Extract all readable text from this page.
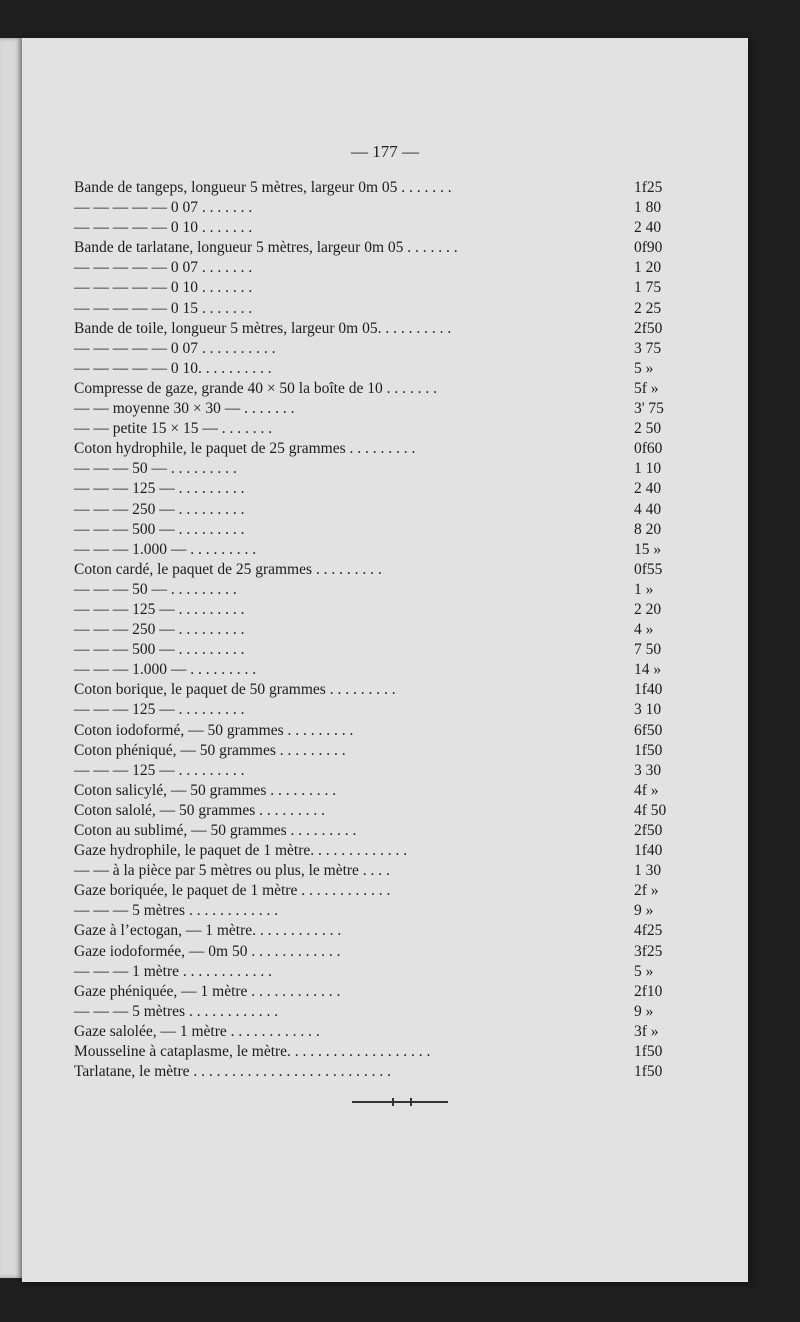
— 177 —
Bande de tangeps, longueur 5 mètres, largeur 0m 05 . . . . . . .	1f25
— — — — — 0 07 . . . . . . .	1 80
— — — — — 0 10 . . . . . . .	2 40
Bande de tarlatane, longueur 5 mètres, largeur 0m 05 . . . . . . .	0f90
— — — — — 0 07 . . . . . . .	1 20
— — — — — 0 10 . . . . . . .	1 75
— — — — — 0 15 . . . . . . .	2 25
Bande de toile, longueur 5 mètres, largeur 0m 05. . . . . . . . . .	2f50
— — — — — 0 07 . . . . . . . . . .	3 75
— — — — — 0 10. . . . . . . . . .	5 »
Compresse de gaze, grande 40 × 50 la boîte de 10 . . . . . . .	5f »
— — moyenne 30 × 30 — . . . . . . .	3' 75
— — petite 15 × 15 — . . . . . . .	2 50
Coton hydrophile, le paquet de 25 grammes . . . . . . . . .	0f60
— — — 50 — . . . . . . . . .	1 10
— — — 125 — . . . . . . . . .	2 40
— — — 250 — . . . . . . . . .	4 40
— — — 500 — . . . . . . . . .	8 20
— — — 1.000 — . . . . . . . . .	15 »
Coton cardé, le paquet de 25 grammes . . . . . . . . .	0f55
— — — 50 — . . . . . . . . .	1 »
— — — 125 — . . . . . . . . .	2 20
— — — 250 — . . . . . . . . .	4 »
— — — 500 — . . . . . . . . .	7 50
— — — 1.000 — . . . . . . . . .	14 »
Coton borique, le paquet de 50 grammes . . . . . . . . .	1f40
— — — 125 — . . . . . . . . .	3 10
Coton iodoformé, — 50 grammes . . . . . . . . .	6f50
Coton phéniqué, — 50 grammes . . . . . . . . .	1f50
— — — 125 — . . . . . . . . .	3 30
Coton salicylé, — 50 grammes . . . . . . . . .	4f »
Coton salolé, — 50 grammes . . . . . . . . .	4f 50
Coton au sublimé, — 50 grammes . . . . . . . . .	2f50
Gaze hydrophile, le paquet de 1 mètre. . . . . . . . . . . . .	1f40
— — à la pièce par 5 mètres ou plus, le mètre . . . .	1 30
Gaze boriquée, le paquet de 1 mètre . . . . . . . . . . . .	2f »
— — — 5 mètres . . . . . . . . . . . .	9 »
Gaze à l’ectogan, — 1 mètre. . . . . . . . . . . .	4f25
Gaze iodoformée, — 0m 50 . . . . . . . . . . . .	3f25
— — — 1 mètre . . . . . . . . . . . .	5 »
Gaze phéniquée, — 1 mètre . . . . . . . . . . . .	2f10
— — — 5 mètres . . . . . . . . . . . .	9 »
Gaze salolée, — 1 mètre . . . . . . . . . . . .	3f »
Mousseline à cataplasme, le mètre. . . . . . . . . . . . . . . . . . .	1f50
Tarlatane, le mètre . . . . . . . . . . . . . . . . . . . . . . . . . .	1f50
